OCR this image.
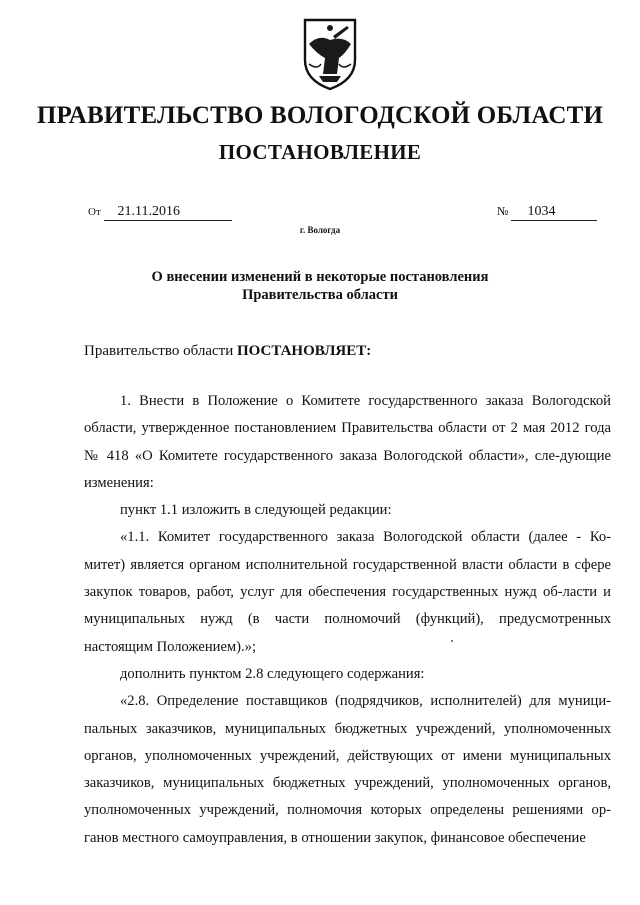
ПРАВИТЕЛЬСТВО ВОЛОГОДСКОЙ ОБЛАСТИ
ПОСТАНОВЛЕНИЕ
От 21.11.2016	№ 1034
г. Вологда
О внесении изменений в некоторые постановления
Правительства области
Правительство области ПОСТАНОВЛЯЕТ:

1. Внести в Положение о Комитете государственного заказа Вологодской области, утвержденное постановлением Правительства области от 2 мая 2012 года № 418 «О Комитете государственного заказа Вологодской области», сле-дующие изменения:

пункт 1.1 изложить в следующей редакции:

«1.1. Комитет государственного заказа Вологодской области (далее - Ко-митет) является органом исполнительной государственной власти области в сфере закупок товаров, работ, услуг для обеспечения государственных нужд об-ласти и муниципальных нужд (в части полномочий (функций), предусмотренных настоящим Положением).»;

дополнить пунктом 2.8 следующего содержания:

«2.8. Определение поставщиков (подрядчиков, исполнителей) для муници-пальных заказчиков, муниципальных бюджетных учреждений, уполномоченных органов, уполномоченных учреждений, действующих от имени муниципальных заказчиков, муниципальных бюджетных учреждений, уполномоченных органов, уполномоченных учреждений, полномочия которых определены решениями ор-ганов местного самоуправления, в отношении закупок, финансовое обеспечение
